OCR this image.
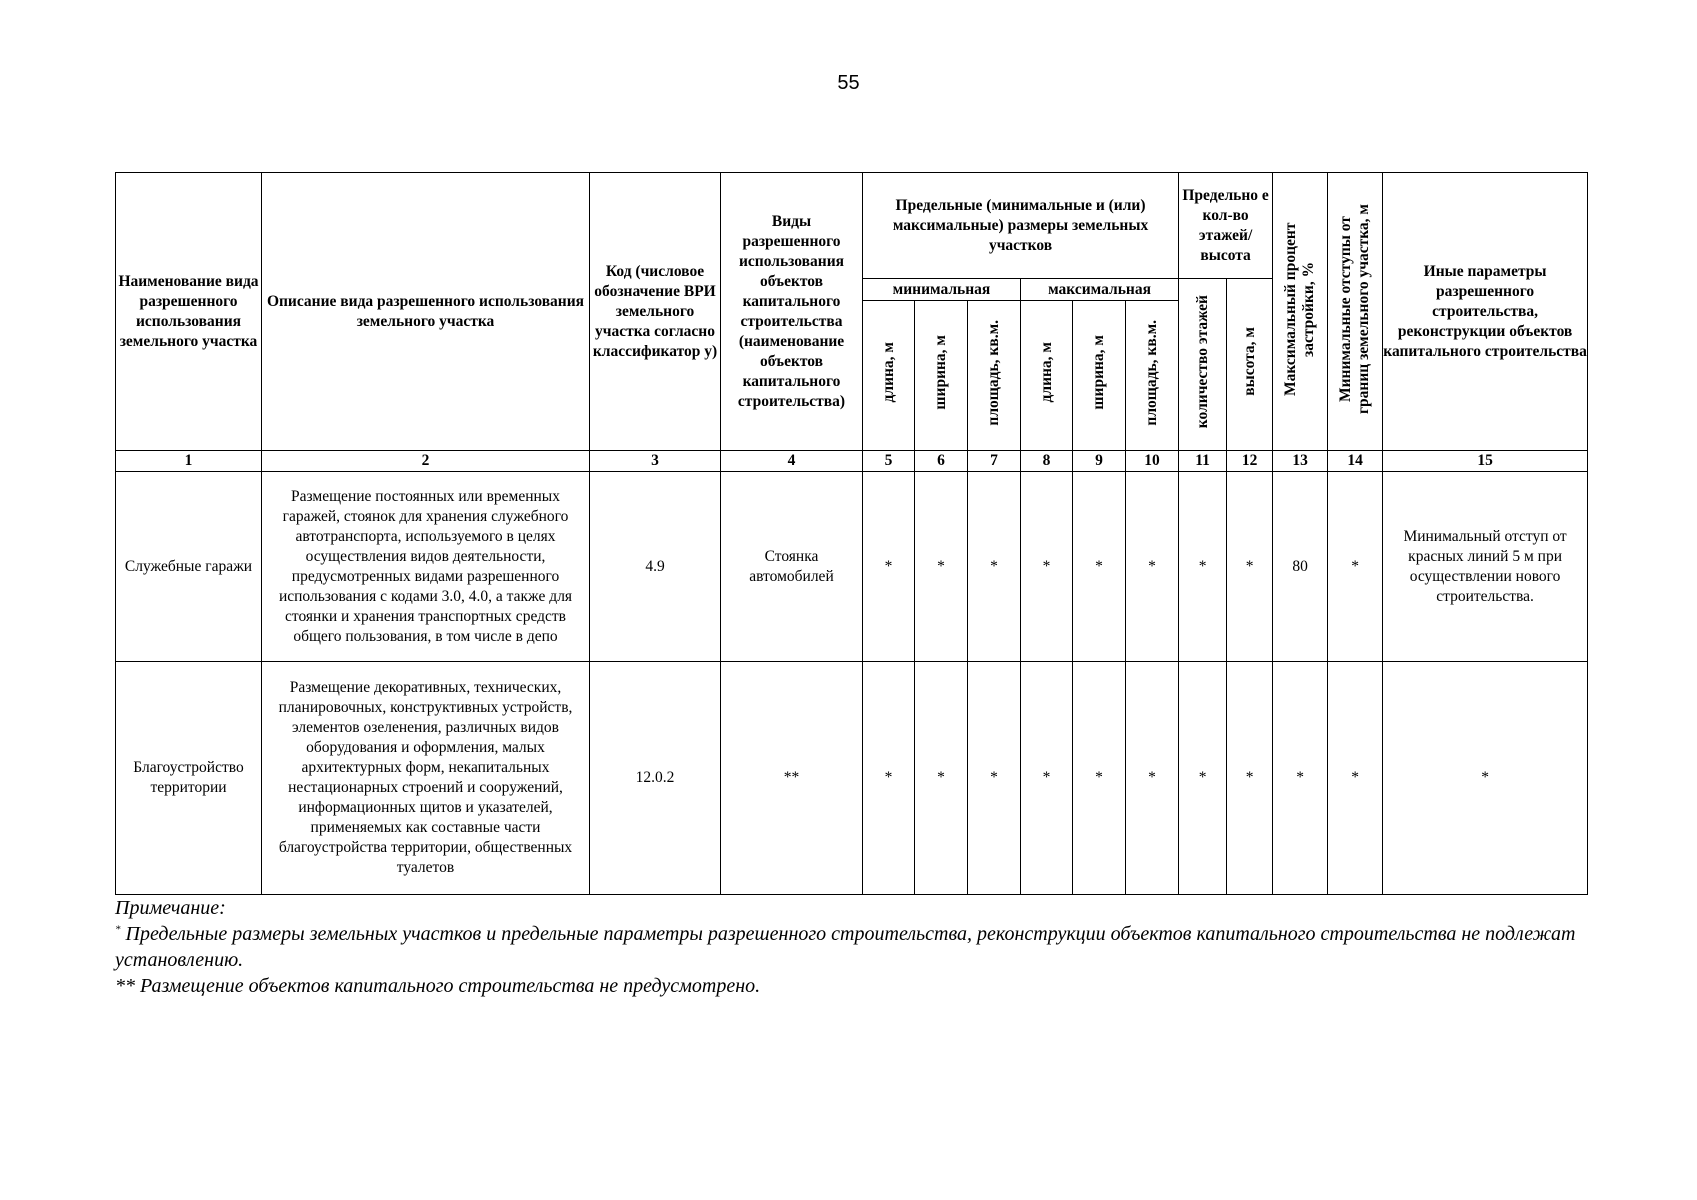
55
Наименование вида разрешенного использования земельного участка	Описание вида разрешенного использования земельного участка	Код (числовое обозначение ВРИ земельного участка согласно классификатор у)	Виды разрешенного использования объектов капитального строительства (наименование объектов капитального строительства)	Предельные (минимальные и (или) максимальные) размеры земельных участков						Предельно е кол-во этажей/ высота		Максимальный процент застройки, %	Минимальные отступы от границ земельного участка, м	Иные параметры разрешенного строительства, реконструкции объектов капитального строительства
				минимальная			максимальная			количество этажей	высота, м			
				длина, м	ширина, м	площадь, кв.м.	длина, м	ширина, м	площадь, кв.м.					
1	2	3	4	5	6	7	8	9	10	11	12	13	14	15
Служебные гаражи	Размещение постоянных или временных гаражей, стоянок для хранения служебного автотранспорта, используемого в целях осуществления видов деятельности, предусмотренных видами разрешенного использования с кодами 3.0, 4.0, а также для стоянки и хранения транспортных средств общего пользования, в том числе в депо	4.9	Стоянка автомобилей	*	*	*	*	*	*	*	*	80	*	Минимальный отступ от красных линий 5 м при осуществлении нового строительства.
Благоустройство территории	Размещение декоративных, технических, планировочных, конструктивных устройств, элементов озеленения, различных видов оборудования и оформления, малых архитектурных форм, некапитальных нестационарных строений и сооружений, информационных щитов и указателей, применяемых как составные части благоустройства территории, общественных туалетов	12.0.2	**	*	*	*	*	*	*	*	*	*	*	*

Примечание:

* Предельные размеры земельных участков и предельные параметры разрешенного строительства, реконструкции объектов капитального строительства не подлежат установлению.

** Размещение объектов капитального строительства не предусмотрено.
